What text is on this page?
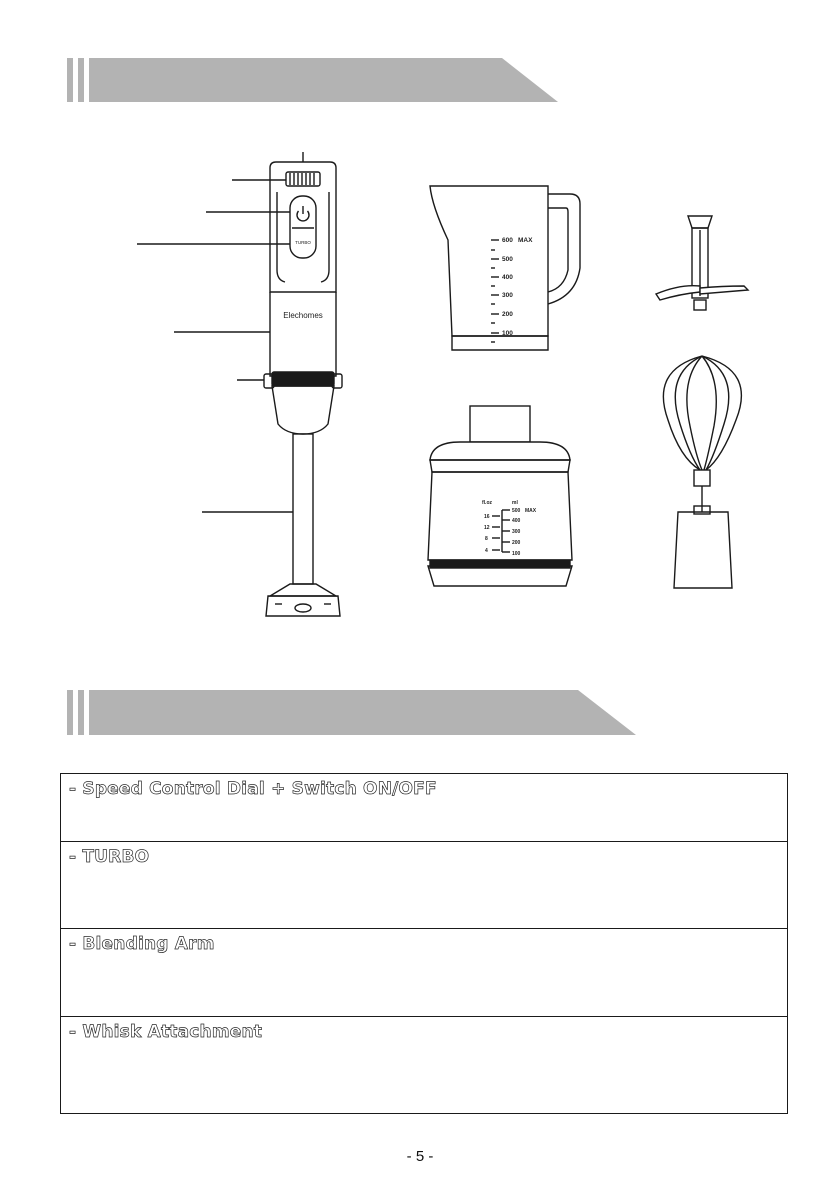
TURBO
Elechomes
600 MAX
500
400
300
200
100
fl.oz	ml
500 MAX
400
300
200
100
16
12
8
4
- Speed Control Dial + Switch ON/OFF
- TURBO
- Blending Arm
- Whisk Attachment
- 5 -
